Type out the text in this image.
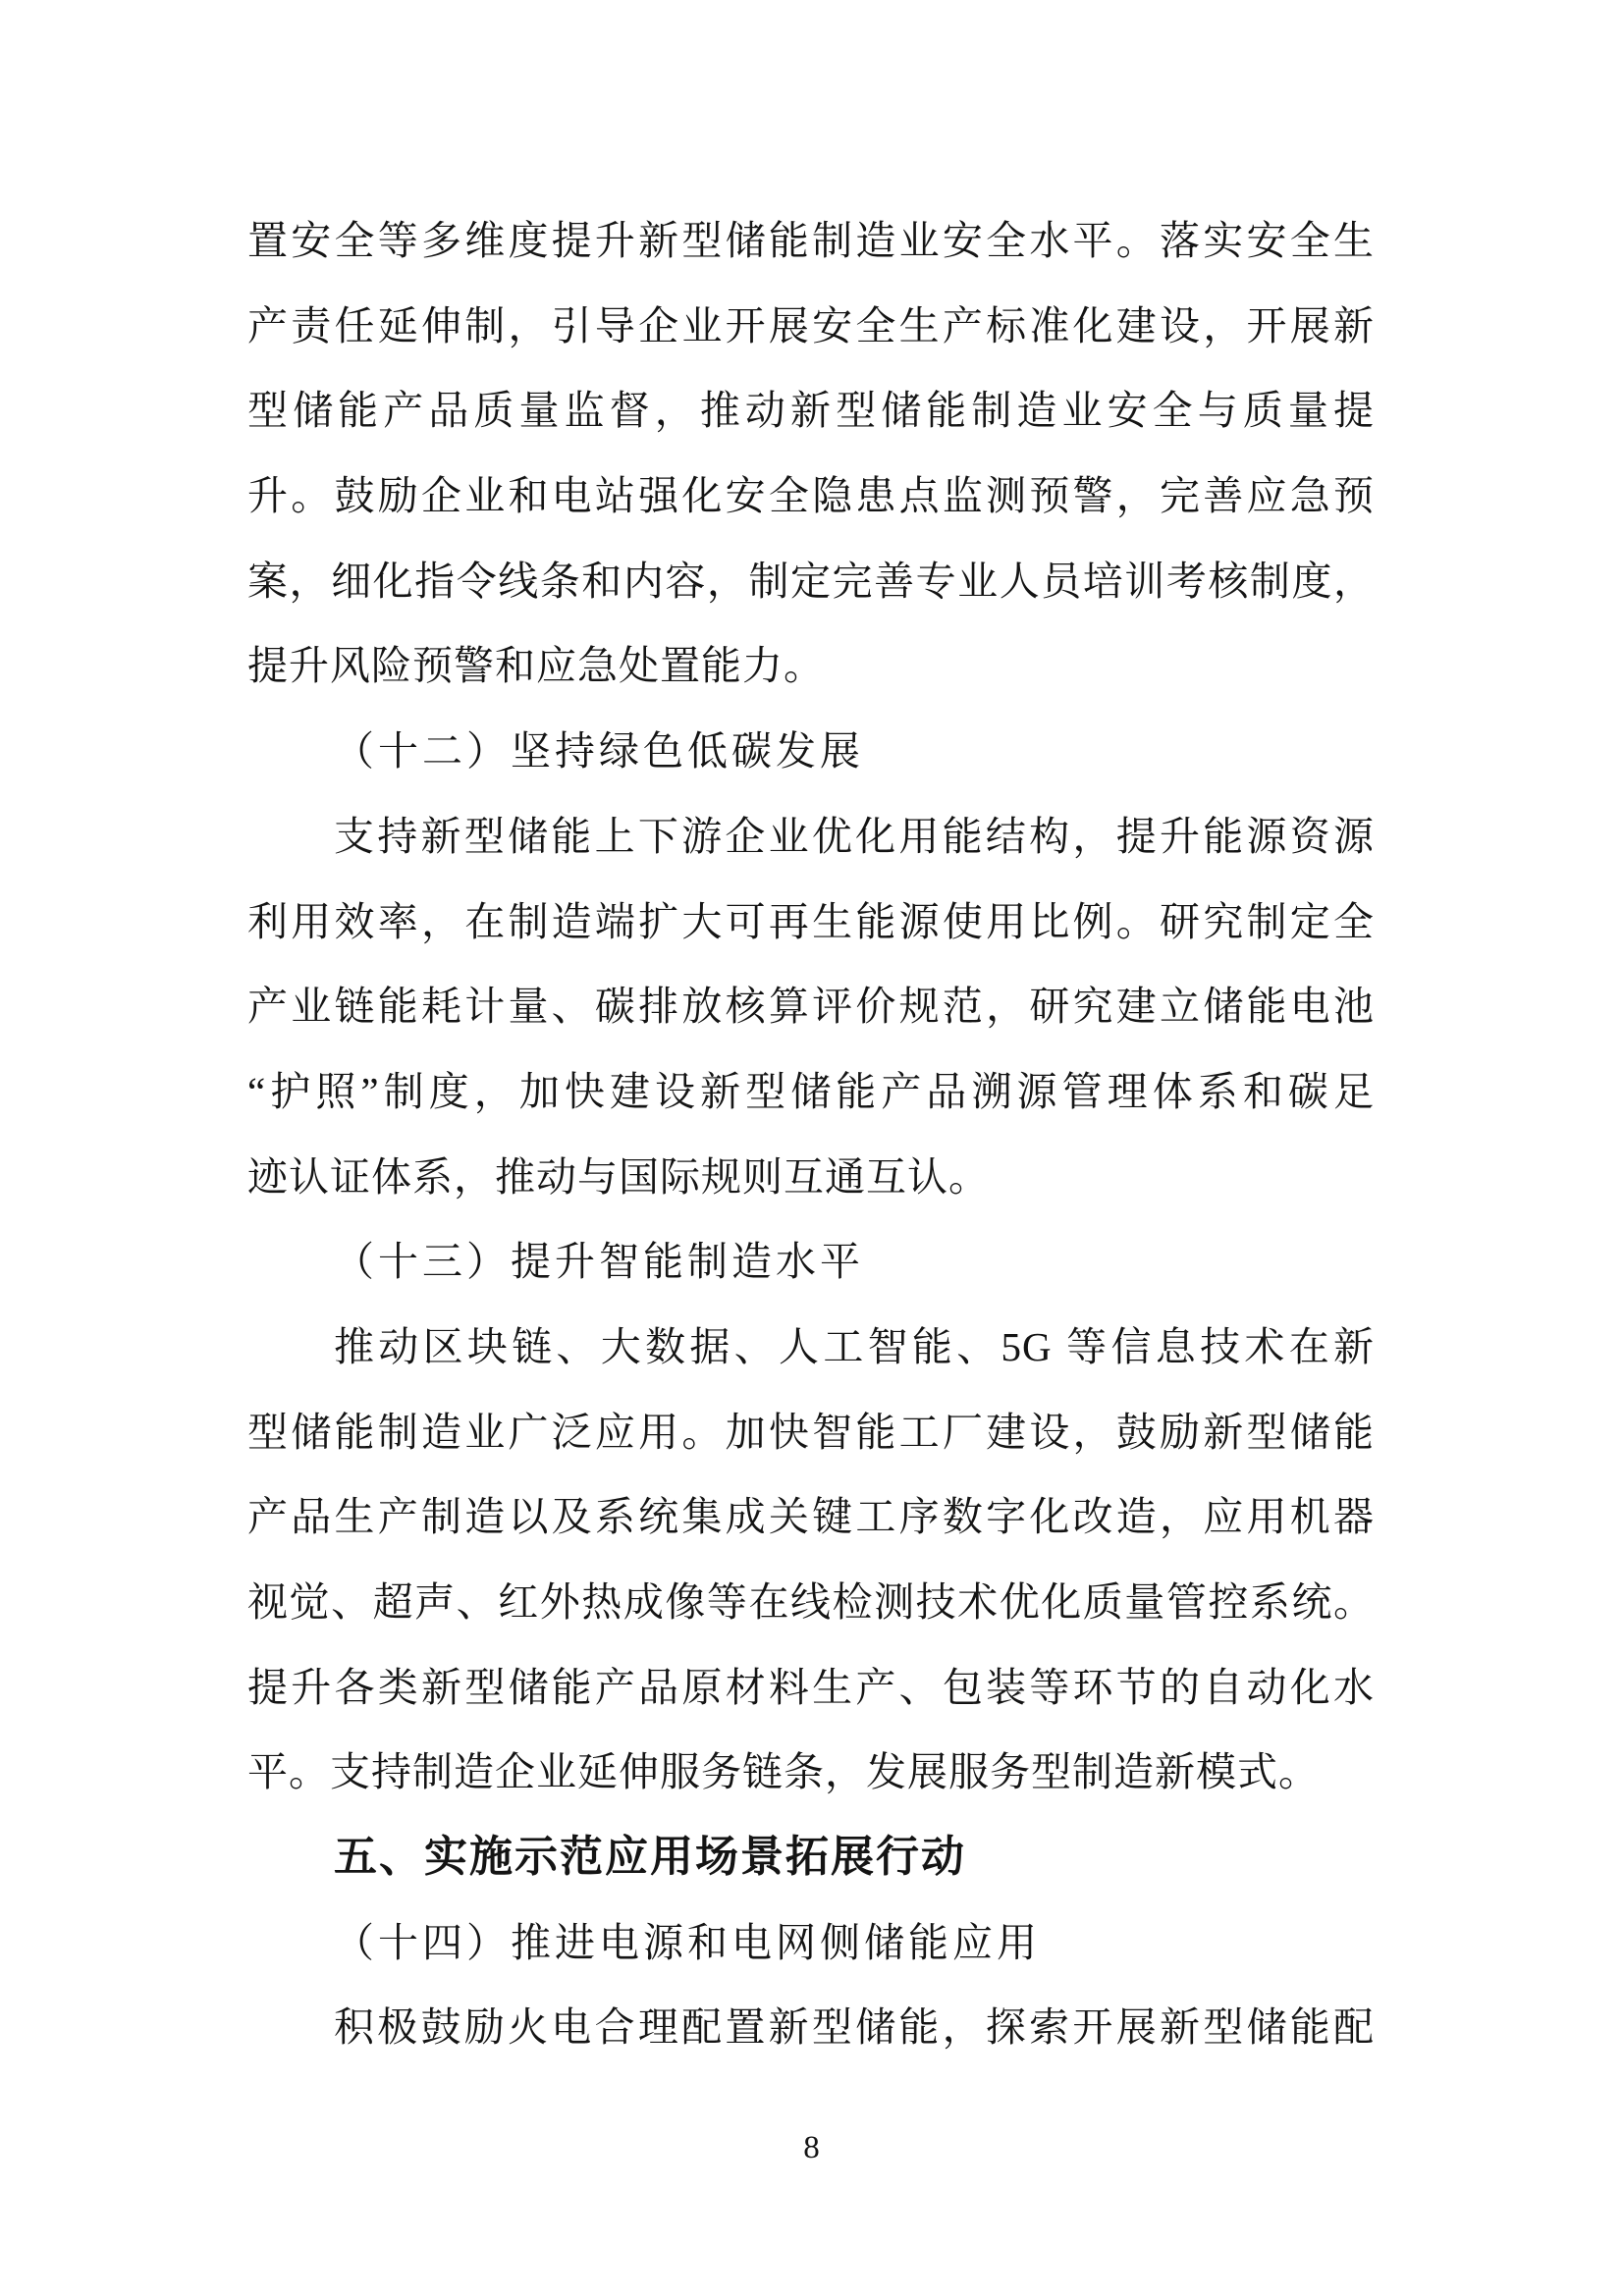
置安全等多维度提升新型储能制造业安全水平。落实安全生
产责任延伸制，引导企业开展安全生产标准化建设，开展新
型储能产品质量监督，推动新型储能制造业安全与质量提
升。鼓励企业和电站强化安全隐患点监测预警，完善应急预
案，细化指令线条和内容，制定完善专业人员培训考核制度，
提升风险预警和应急处置能力。
（十二）坚持绿色低碳发展
支持新型储能上下游企业优化用能结构，提升能源资源
利用效率，在制造端扩大可再生能源使用比例。研究制定全
产业链能耗计量、碳排放核算评价规范，研究建立储能电池
“护照”制度，加快建设新型储能产品溯源管理体系和碳足
迹认证体系，推动与国际规则互通互认。
（十三）提升智能制造水平
推动区块链、大数据、人工智能、5G 等信息技术在新
型储能制造业广泛应用。加快智能工厂建设，鼓励新型储能
产品生产制造以及系统集成关键工序数字化改造，应用机器
视觉、超声、红外热成像等在线检测技术优化质量管控系统。
提升各类新型储能产品原材料生产、包装等环节的自动化水
平。支持制造企业延伸服务链条，发展服务型制造新模式。
五、实施示范应用场景拓展行动
（十四）推进电源和电网侧储能应用
积极鼓励火电合理配置新型储能，探索开展新型储能配
8
